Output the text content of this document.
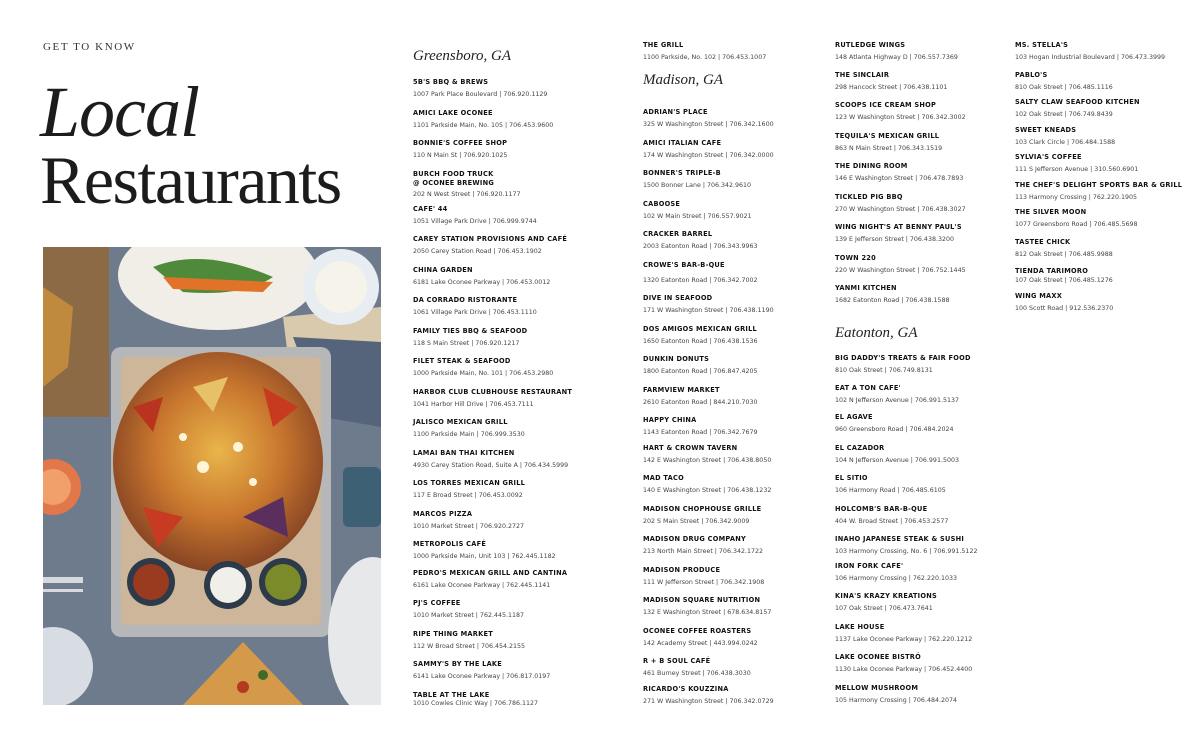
GET TO KNOW
Local
Restaurants
Greensboro, GA
5B'S BBQ & BREWS
1007 Park Place Boulevard | 706.920.1129
AMICI LAKE OCONEE
1101 Parkside Main, No. 105 | 706.453.9600
BONNIE'S COFFEE SHOP
110 N Main St | 706.920.1025
BURCH FOOD TRUCK
@ OCONEE BREWING
202 N West Street | 706.920.1177
CAFE' 44
1051 Village Park Drive | 706.999.9744
CAREY STATION PROVISIONS AND CAFÉ
2050 Carey Station Road | 706.453.1902
CHINA GARDEN
6181 Lake Oconee Parkway | 706.453.0012
DA CORRADO RISTORANTE
1061 Village Park Drive | 706.453.1110
FAMILY TIES BBQ & SEAFOOD
118 S Main Street | 706.920.1217
FILET STEAK & SEAFOOD
1000 Parkside Main, No. 101 | 706.453.2980
HARBOR CLUB CLUBHOUSE RESTAURANT
1041 Harbor Hill Drive | 706.453.7111
JALISCO MEXICAN GRILL
1100 Parkside Main | 706.999.3530
LAMAI BAN THAI KITCHEN
4930 Carey Station Road, Suite A | 706.434.5999
LOS TORRES MEXICAN GRILL
117 E Broad Street | 706.453.0092
MARCOS PIZZA
1010 Market Street | 706.920.2727
METROPOLIS CAFÉ
1000 Parkside Main, Unit 103 | 762.445.1182
PEDRO'S MEXICAN GRILL AND CANTINA
6161 Lake Oconee Parkway | 762.445.1141
PJ'S COFFEE
1010 Market Street | 762.445.1187
RIPE THING MARKET
112 W Broad Street | 706.454.2155
SAMMY'S BY THE LAKE
6141 Lake Oconee Parkway | 706.817.0197
TABLE AT THE LAKE
1010 Cowles Clinic Way | 706.786.1127
THE GRILL
1100 Parkside, No. 102 | 706.453.1007
Madison, GA
ADRIAN'S PLACE
325 W Washington Street | 706.342.1600
AMICI ITALIAN CAFE
174 W Washington Street | 706.342.0000
BONNER'S TRIPLE-B
1500 Bonner Lane | 706.342.9610
CABOOSE
102 W Main Street | 706.557.9021
CRACKER BARREL
2003 Eatonton Road | 706.343.9963
CROWE'S BAR-B-QUE
1320 Eatonton Road | 706.342.7002
DIVE IN SEAFOOD
171 W Washington Street | 706.438.1190
DOS AMIGOS MEXICAN GRILL
1650 Eatonton Road | 706.438.1536
DUNKIN DONUTS
1800 Eatonton Road | 706.847.4205
FARMVIEW MARKET
2610 Eatonton Road | 844.210.7030
HAPPY CHINA
1143 Eatonton Road | 706.342.7679
HART & CROWN TAVERN
142 E Washington Street | 706.438.8050
MAD TACO
140 E Washington Street | 706.438.1232
MADISON CHOPHOUSE GRILLE
202 S Main Street | 706.342.9009
MADISON DRUG COMPANY
213 North Main Street | 706.342.1722
MADISON PRODUCE
111 W Jefferson Street | 706.342.1908
MADISON SQUARE NUTRITION
132 E Washington Street | 678.634.8157
OCONEE COFFEE ROASTERS
142 Academy Street | 443.994.0242
R + B SOUL CAFÉ
461 Burney Street | 706.438.3030
RICARDO'S KOUZZINA
271 W Washington Street | 706.342.0729
RUTLEDGE WINGS
148 Atlanta Highway D | 706.557.7369
THE SINCLAIR
298 Hancock Street | 706.438.1101
SCOOPS ICE CREAM SHOP
123 W Washington Street | 706.342.3002
TEQUILA'S MEXICAN GRILL
863 N Main Street | 706.343.1519
THE DINING ROOM
146 E Washington Street | 706.478.7893
TICKLED PIG BBQ
270 W Washington Street | 706.438.3027
WING NIGHT'S AT BENNY PAUL'S
139 E Jefferson Street | 706.438.3200
TOWN 220
220 W Washington Street | 706.752.1445
YANMI KITCHEN
1682 Eatonton Road | 706.438.1588
Eatonton, GA
BIG DADDY'S TREATS & FAIR FOOD
810 Oak Street | 706.749.8131
EAT A TON CAFE'
102 N Jefferson Avenue | 706.991.5137
EL AGAVE
960 Greensboro Road | 706.484.2024
EL CAZADOR
104 N Jefferson Avenue | 706.991.5003
EL SITIO
106 Harmony Road | 706.485.6105
HOLCOMB'S BAR-B-QUE
404 W. Broad Street | 706.453.2577
INAHO JAPANESE STEAK & SUSHI
103 Harmony Crossing, No. 6 | 706.991.5122
IRON FORK CAFE'
106 Harmony Crossing | 762.220.1033
KINA'S KRAZY KREATIONS
107 Oak Street | 706.473.7641
LAKE HOUSE
1137 Lake Oconee Parkway | 762.220.1212
LAKE OCONEE BISTRÓ
1130 Lake Oconee Parkway | 706.452.4400
MELLOW MUSHROOM
105 Harmony Crossing | 706.484.2074
MS. STELLA'S
103 Hogan Industrial Boulevard | 706.473.3999
PABLO'S
810 Oak Street | 706.485.1116
SALTY CLAW SEAFOOD KITCHEN
102 Oak Street | 706.749.8439
SWEET KNEADS
103 Clark Circle | 706.484.1588
SYLVIA'S COFFEE
111 S Jefferson Avenue | 310.560.6901
THE CHEF'S DELIGHT SPORTS BAR & GRILL
113 Harmony Crossing | 762.220.1905
THE SILVER MOON
1077 Greensboro Road | 706.485.5698
TASTEE CHICK
812 Oak Street | 706.485.9988
TIENDA TARIMORO
107 Oak Street | 706.485.1276
WING MAXX
100 Scott Road | 912.536.2370
